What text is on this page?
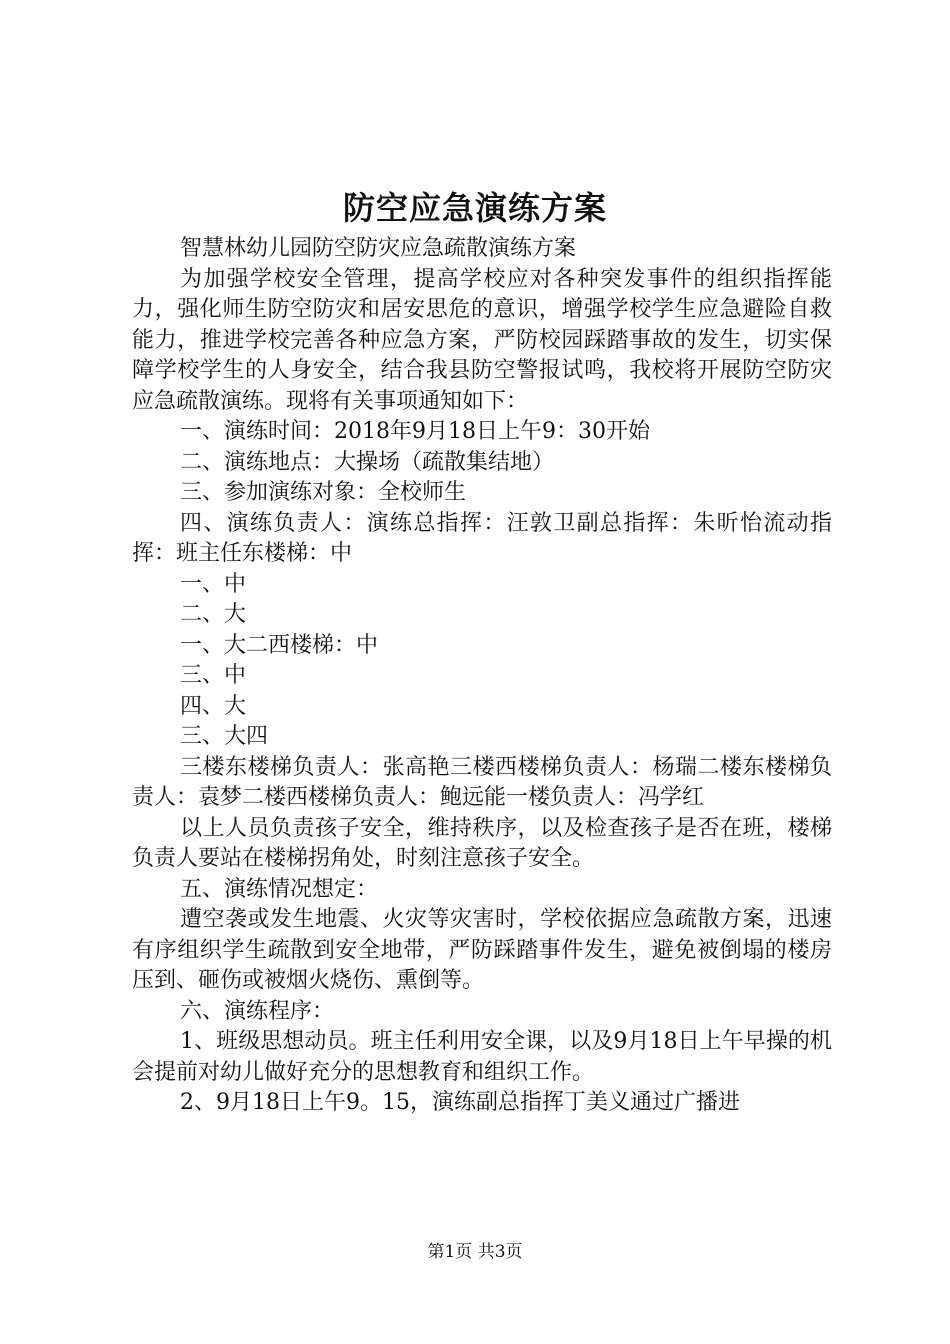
防空应急演练方案

智慧林幼儿园防空防灾应急疏散演练方案

为加强学校安全管理，提高学校应对各种突发事件的组织指挥能力，强化师生防空防灾和居安思危的意识，增强学校学生应急避险自救能力，推进学校完善各种应急方案，严防校园踩踏事故的发生，切实保障学校学生的人身安全，结合我县防空警报试鸣，我校将开展防空防灾应急疏散演练。现将有关事项通知如下：

一、演练时间：2018年9月18日上午9：30开始

二、演练地点：大操场（疏散集结地）

三、参加演练对象：全校师生

四、演练负责人：演练总指挥：汪敦卫副总指挥：朱昕怡流动指挥：班主任东楼梯：中

一、中

二、大

一、大二西楼梯：中

三、中

四、大

三、大四

三楼东楼梯负责人：张高艳三楼西楼梯负责人：杨瑞二楼东楼梯负责人：袁梦二楼西楼梯负责人：鲍远能一楼负责人：冯学红

以上人员负责孩子安全，维持秩序，以及检查孩子是否在班，楼梯负责人要站在楼梯拐角处，时刻注意孩子安全。

五、演练情况想定：

遭空袭或发生地震、火灾等灾害时，学校依据应急疏散方案，迅速有序组织学生疏散到安全地带，严防踩踏事件发生，避免被倒塌的楼房压到、砸伤或被烟火烧伤、熏倒等。

六、演练程序：

1、班级思想动员。班主任利用安全课，以及9月18日上午早操的机会提前对幼儿做好充分的思想教育和组织工作。

2、9月18日上午9。15，演练副总指挥丁美义通过广播进

第1页 共3页
